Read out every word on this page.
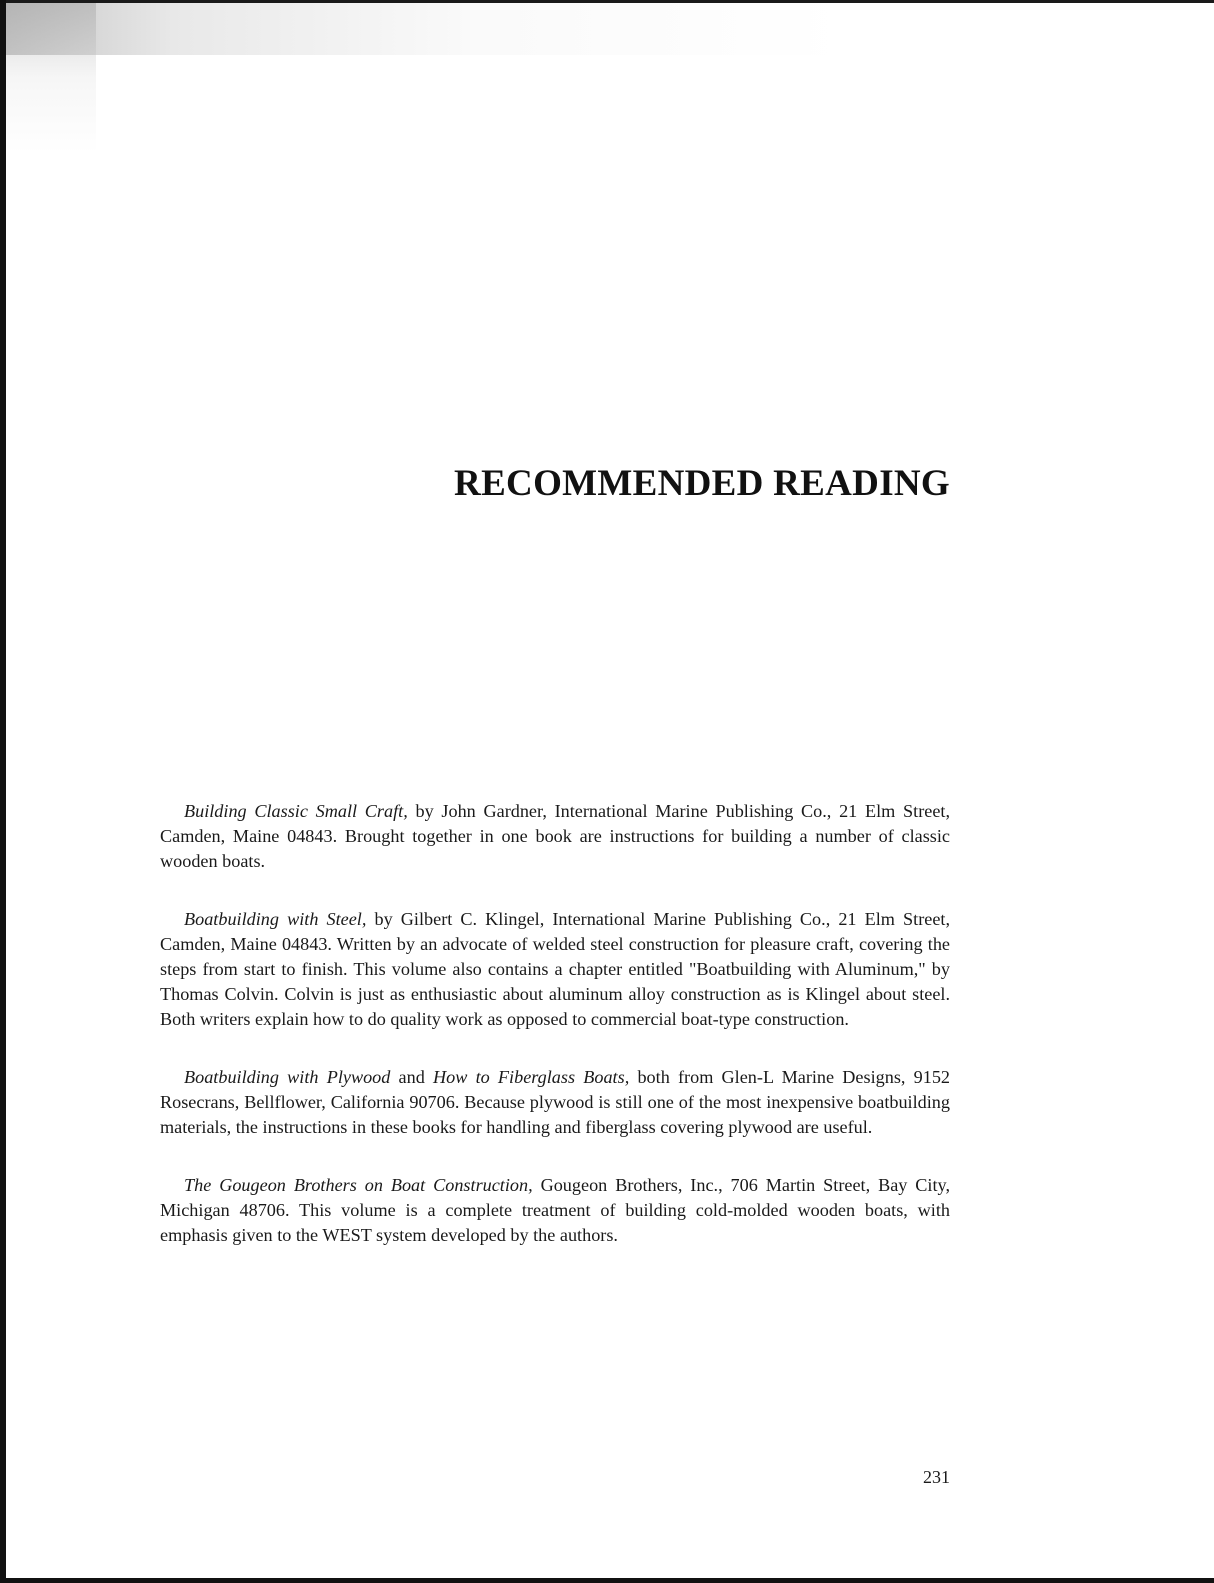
RECOMMENDED READING

Building Classic Small Craft, by John Gardner, International Marine Publishing Co., 21 Elm Street, Camden, Maine 04843. Brought together in one book are instructions for building a number of classic wooden boats.

Boatbuilding with Steel, by Gilbert C. Klingel, International Marine Publishing Co., 21 Elm Street, Camden, Maine 04843. Written by an advocate of welded steel construction for pleasure craft, covering the steps from start to finish. This volume also contains a chapter entitled "Boatbuilding with Aluminum," by Thomas Colvin. Colvin is just as enthusiastic about aluminum alloy construction as is Klingel about steel. Both writers explain how to do quality work as opposed to commercial boat-type construction.

Boatbuilding with Plywood and How to Fiberglass Boats, both from Glen-L Marine Designs, 9152 Rosecrans, Bellflower, California 90706. Because plywood is still one of the most inexpensive boatbuilding materials, the instructions in these books for handling and fiberglass covering plywood are useful.

The Gougeon Brothers on Boat Construction, Gougeon Brothers, Inc., 706 Martin Street, Bay City, Michigan 48706. This volume is a complete treatment of building cold-molded wooden boats, with emphasis given to the WEST system developed by the authors.

231
